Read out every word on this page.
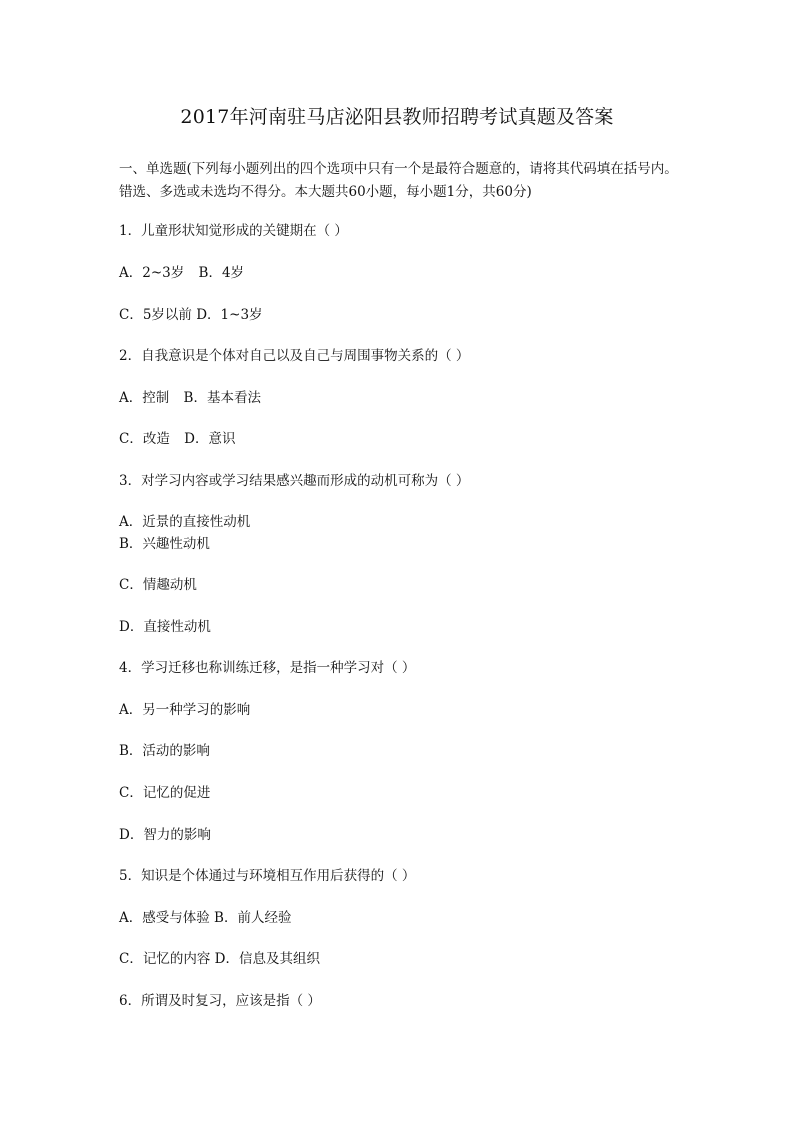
2017年河南驻马店泌阳县教师招聘考试真题及答案
一、单选题(下列每小题列出的四个选项中只有一个是最符合题意的，请将其代码填在括号内。错选、多选或未选均不得分。本大题共60小题，每小题1分，共60分)
1．儿童形状知觉形成的关键期在（ ）
A．2~3岁 B．4岁
C．5岁以前 D．1~3岁
2．自我意识是个体对自己以及自己与周围事物关系的（ ）
A．控制 B．基本看法
C．改造 D．意识
3．对学习内容或学习结果感兴趣而形成的动机可称为（ ）
A．近景的直接性动机
B．兴趣性动机
C．情趣动机
D．直接性动机
4．学习迁移也称训练迁移，是指一种学习对（ ）
A．另一种学习的影响
B．活动的影响
C．记忆的促进
D．智力的影响
5．知识是个体通过与环境相互作用后获得的（ ）
A．感受与体验 B．前人经验
C．记忆的内容 D．信息及其组织
6．所谓及时复习，应该是指（ ）
